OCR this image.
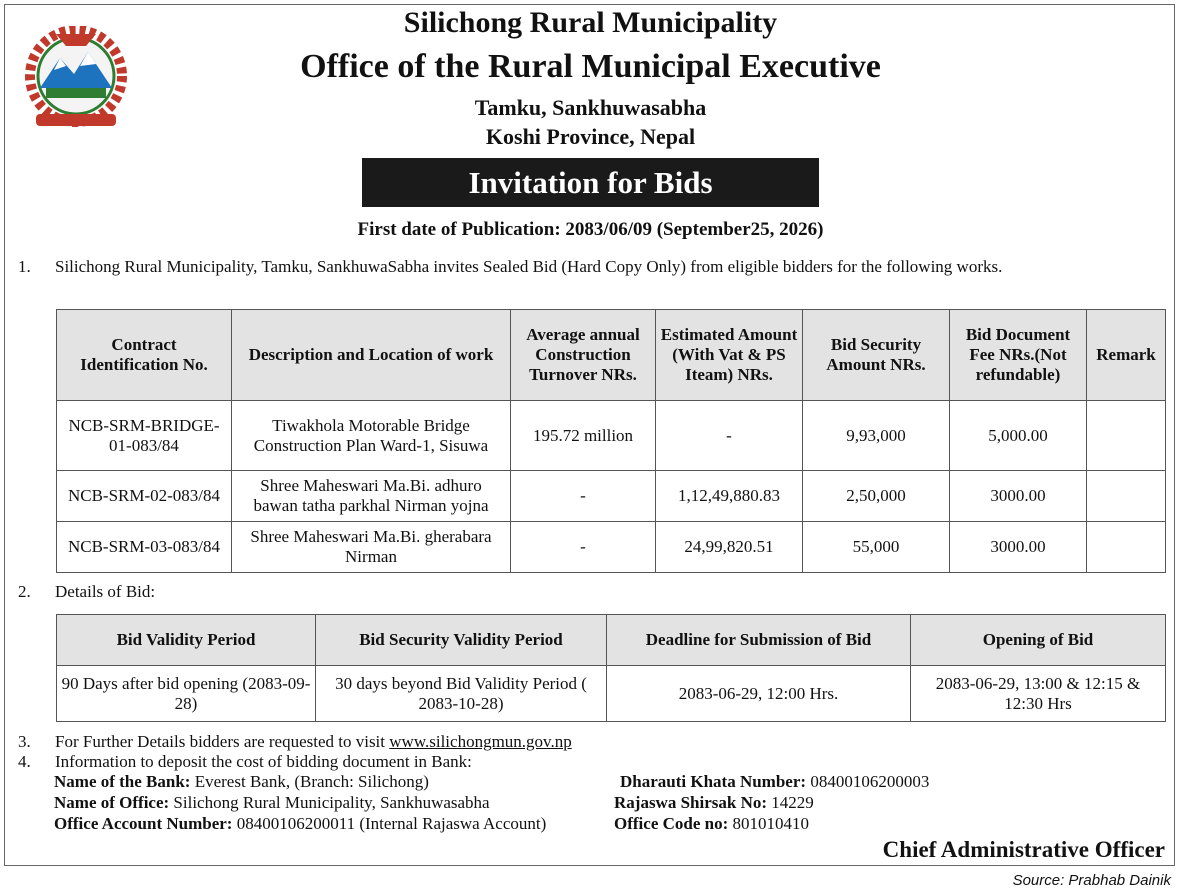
Silichong Rural Municipality
Office of the Rural Municipal Executive
Tamku, Sankhuwasabha
Koshi Province, Nepal
Invitation for Bids
First date of Publication: 2083/06/09 (September25, 2026)
1. Silichong Rural Municipality, Tamku, SankhuwaSabha invites Sealed Bid (Hard Copy Only) from eligible bidders for the following works.
Contract Identification No.	Description and Location of work	Average annual Construction Turnover NRs.	Estimated Amount (With Vat & PS Iteam) NRs.	Bid Security Amount NRs.	Bid Document Fee NRs.(Not refundable)	Remark
NCB-SRM-BRIDGE-01-083/84	Tiwakhola Motorable Bridge Construction Plan Ward-1, Sisuwa	195.72 million	-	9,93,000	5,000.00	
NCB-SRM-02-083/84	Shree Maheswari Ma.Bi. adhuro bawan tatha parkhal Nirman yojna	-	1,12,49,880.83	2,50,000	3000.00	
NCB-SRM-03-083/84	Shree Maheswari Ma.Bi. gherabara Nirman	-	24,99,820.51	55,000	3000.00	
2. Details of Bid:
Bid Validity Period	Bid Security Validity Period	Deadline for Submission of Bid	Opening of Bid
90 Days after bid opening (2083-09-28)	30 days beyond Bid Validity Period ( 2083-10-28)	2083-06-29, 12:00 Hrs.	2083-06-29, 13:00 & 12:15 & 12:30 Hrs
3. For Further Details bidders are requested to visit www.silichongmun.gov.np
4. Information to deposit the cost of bidding document in Bank:
Name of the Bank: Everest Bank, (Branch: Silichong)
Name of Office: Silichong Rural Municipality, Sankhuwasabha
Office Account Number: 08400106200011 (Internal Rajaswa Account)
Dharauti Khata Number: 08400106200003
Rajaswa Shirsak No: 14229
Office Code no: 801010410
Chief Administrative Officer
Source: Prabhab Dainik
